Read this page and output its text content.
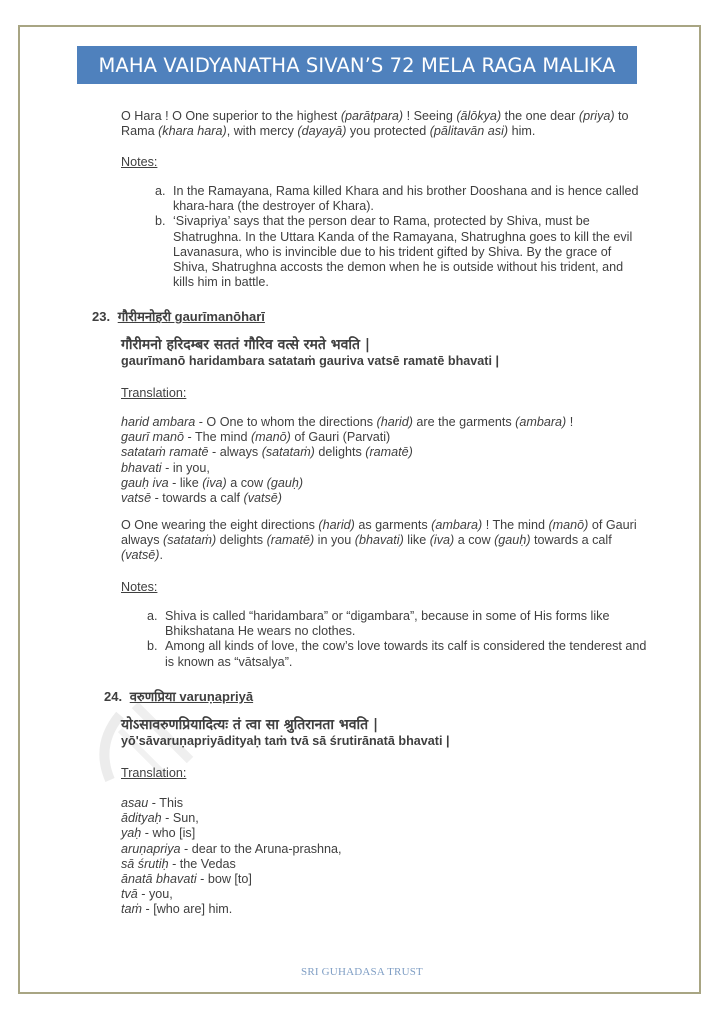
MAHA VAIDYANATHA SIVAN’S 72 MELA RAGA MALIKA
O Hara ! O One superior to the highest (parātpara) ! Seeing (ālōkya) the one dear (priya) to Rama (khara hara), with mercy (dayayā) you protected (pālitavān asi) him.
Notes:
a. In the Ramayana, Rama killed Khara and his brother Dooshana and is hence called khara-hara (the destroyer of Khara).
b. ‘Sivapriya’ says that the person dear to Rama, protected by Shiva, must be Shatrughna. In the Uttara Kanda of the Ramayana, Shatrughna goes to kill the evil Lavanasura, who is invincible due to his trident gifted by Shiva. By the grace of Shiva, Shatrughna accosts the demon when he is outside without his trident, and kills him in battle.
23. गौरीमनोहरी gaurīmanōharī
गौरीमनो हरिदम्बर सततं गौरिव वत्से रमते भवति |
gaurīmanō haridambara satataṁ gauriva vatsē ramatē bhavati |
Translation:
harid ambara - O One to whom the directions (harid) are the garments (ambara) !
gaurī manō - The mind (manō) of Gauri (Parvati)
satataṁ ramatē - always (satataṁ) delights (ramatē)
bhavati - in you,
gauḥ iva - like (iva) a cow (gauḥ)
vatsē - towards a calf (vatsē)
O One wearing the eight directions (harid) as garments (ambara) ! The mind (manō) of Gauri always (satataṁ) delights (ramatē) in you (bhavati) like (iva) a cow (gauḥ) towards a calf (vatsē).
Notes:
a. Shiva is called “haridambara” or “digambara”, because in some of His forms like Bhikshatana He wears no clothes.
b. Among all kinds of love, the cow’s love towards its calf is considered the tenderest and is known as “vātsalya”.
24. वरुणप्रिया varuṇapriyā
योऽसावरुणप्रियादित्यः तं त्वा सा श्रुतिरानता भवति |
yō'sāvaruṇapriyādityaḥ taṁ tvā sā śrutirānatā bhavati |
Translation:
asau - This
ādityaḥ - Sun,
yaḥ - who [is]
aruṇapriya - dear to the Aruna-prashna,
sā śrutiḥ - the Vedas
ānatā bhavati - bow [to]
tvā - you,
taṁ - [who are] him.
SRI GUHADASA TRUST
